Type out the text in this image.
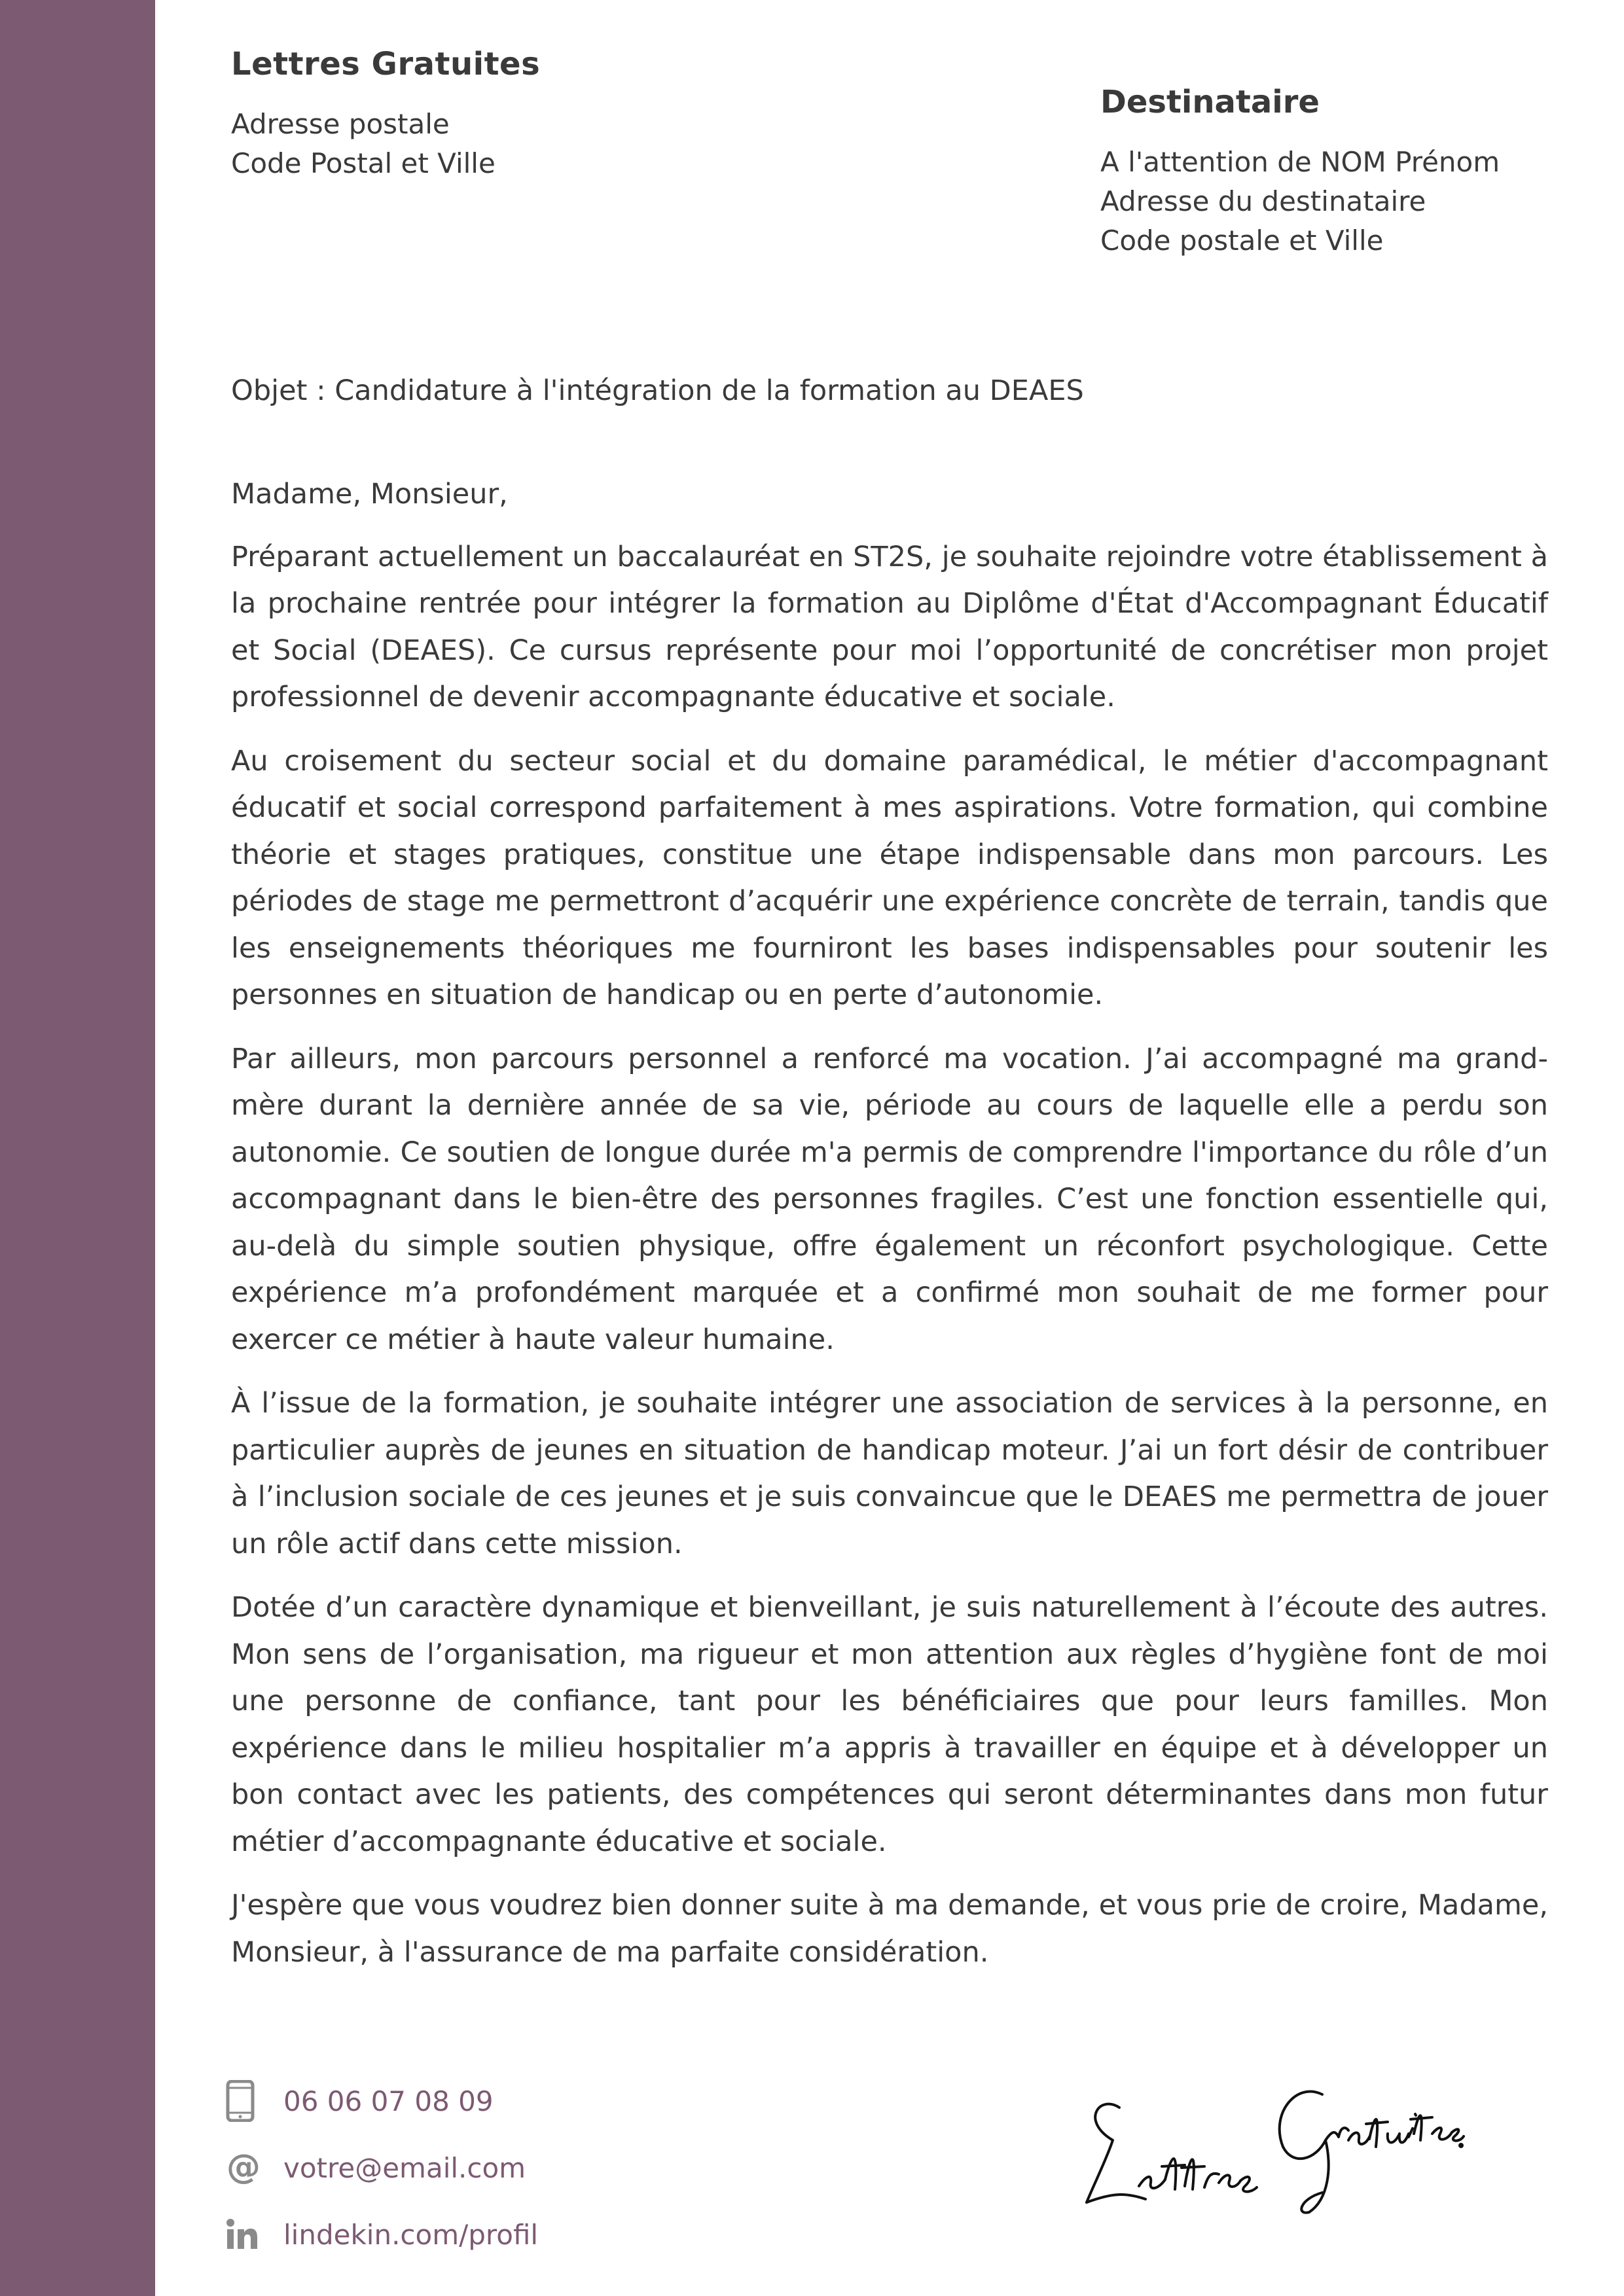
Lettres Gratuites
Adresse postale
Code Postal et Ville
Destinataire
A l'attention de NOM Prénom
Adresse du destinataire
Code postale et Ville
Objet : Candidature à l'intégration de la formation au DEAES
Madame, Monsieur,

Préparant actuellement un baccalauréat en ST2S, je souhaite rejoindre votre établissement à la prochaine rentrée pour intégrer la formation au Diplôme d'État d'Accompagnant Éducatif et Social (DEAES). Ce cursus représente pour moi l’opportunité de concrétiser mon projet professionnel de devenir accompagnante éducative et sociale.

Au croisement du secteur social et du domaine paramédical, le métier d'accompagnant éducatif et social correspond parfaitement à mes aspirations. Votre formation, qui combine théorie et stages pratiques, constitue une étape indispensable dans mon parcours. Les périodes de stage me permettront d’acquérir une expérience concrète de terrain, tandis que les enseignements théoriques me fourniront les bases indispensables pour soutenir les personnes en situation de handicap ou en perte d’autonomie.

Par ailleurs, mon parcours personnel a renforcé ma vocation. J’ai accompagné ma grand-mère durant la dernière année de sa vie, période au cours de laquelle elle a perdu son autonomie. Ce soutien de longue durée m'a permis de comprendre l'importance du rôle d’un accompagnant dans le bien-être des personnes fragiles. C’est une fonction essentielle qui, au-delà du simple soutien physique, offre également un réconfort psychologique. Cette expérience m’a profondément marquée et a confirmé mon souhait de me former pour exercer ce métier à haute valeur humaine.

À l’issue de la formation, je souhaite intégrer une association de services à la personne, en particulier auprès de jeunes en situation de handicap moteur. J’ai un fort désir de contribuer à l’inclusion sociale de ces jeunes et je suis convaincue que le DEAES me permettra de jouer un rôle actif dans cette mission.

Dotée d’un caractère dynamique et bienveillant, je suis naturellement à l’écoute des autres. Mon sens de l’organisation, ma rigueur et mon attention aux règles d’hygiène font de moi une personne de confiance, tant pour les bénéficiaires que pour leurs familles. Mon expérience dans le milieu hospitalier m’a appris à travailler en équipe et à développer un bon contact avec les patients, des compétences qui seront déterminantes dans mon futur métier d’accompagnante éducative et sociale.

J'espère que vous voudrez bien donner suite à ma demande, et vous prie de croire, Madame, Monsieur, à l'assurance de ma parfaite considération.

06 06 07 08 09
@ votre@email.com
lindekin.com/profil
